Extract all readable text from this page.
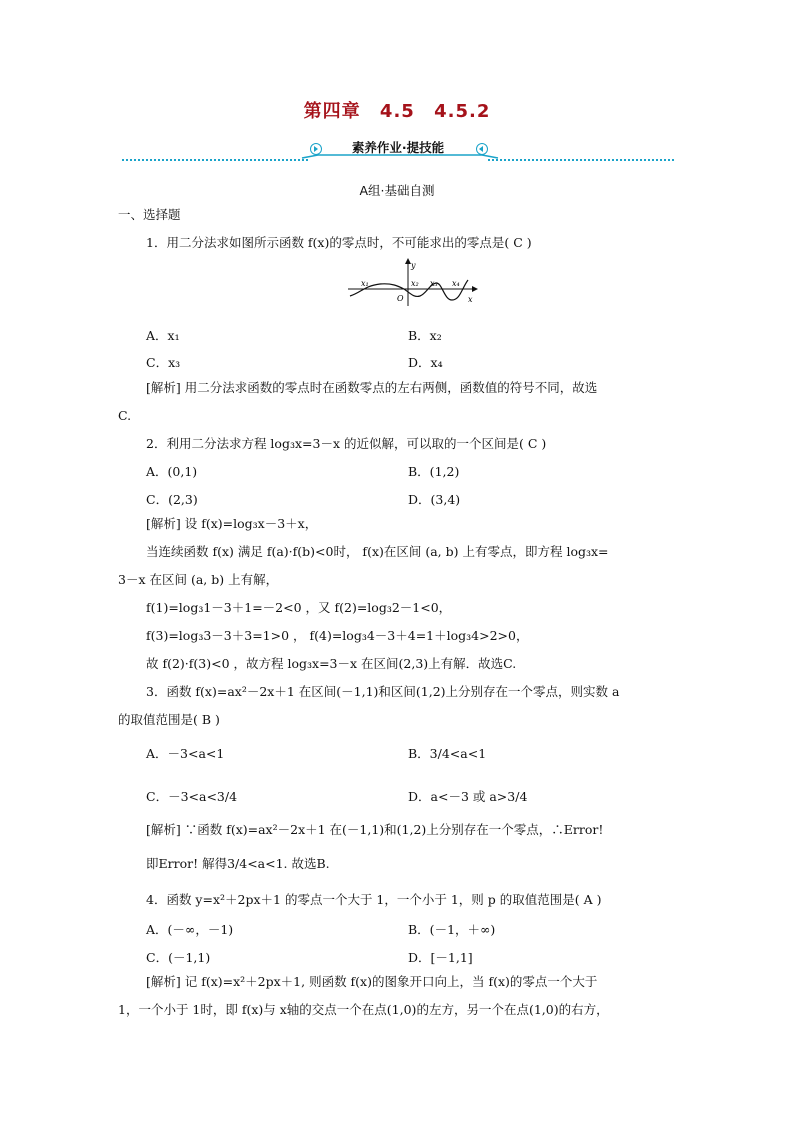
第四章 4.5 4.5.2
素养作业·提技能
A组·基础自测
一、选择题
1．用二分法求如图所示函数 f(x)的零点时，不可能求出的零点是( C )
x₁	x₂ x₃ x₄
O	x
y
A．x₁	B．x₂
C．x₃	D．x₄
[解析] 用二分法求函数的零点时在函数零点的左右两侧，函数值的符号不同，故选
C.
2．利用二分法求方程 log₃x=3－x 的近似解，可以取的一个区间是( C )
A．(0,1)	B．(1,2)
C．(2,3)	D．(3,4)
[解析] 设 f(x)=log₃x－3＋x，
当连续函数 f(x) 满足 f(a)·f(b)<0时， f(x)在区间 (a, b) 上有零点，即方程 log₃x=
3－x 在区间 (a, b) 上有解，
f(1)=log₃1－3＋1=－2<0 ，又 f(2)=log₃2－1<0，
f(3)=log₃3－3＋3=1>0 ， f(4)=log₃4－3＋4=1＋log₃4>2>0，
故 f(2)·f(3)<0 ，故方程 log₃x=3－x 在区间(2,3)上有解．故选C.
3．函数 f(x)=ax²－2x＋1 在区间(－1,1)和区间(1,2)上分别存在一个零点，则实数 a
的取值范围是( B )
A．－3<a<1	B．3/4<a<1
C．－3<a<3/4	D．a<－3 或 a>3/4
[解析] ∵函数 f(x)=ax²－2x＋1 在(－1,1)和(1,2)上分别存在一个零点，∴Error!
即Error! 解得3/4<a<1. 故选B.
4．函数 y=x²＋2px＋1 的零点一个大于 1，一个小于 1，则 p 的取值范围是( A )
A．(－∞，－1)	B．(－1，＋∞)
C．(－1,1)	D．[－1,1]
[解析] 记 f(x)=x²＋2px＋1, 则函数 f(x)的图象开口向上，当 f(x)的零点一个大于
1，一个小于 1时，即 f(x)与 x轴的交点一个在点(1,0)的左方，另一个在点(1,0)的右方，
